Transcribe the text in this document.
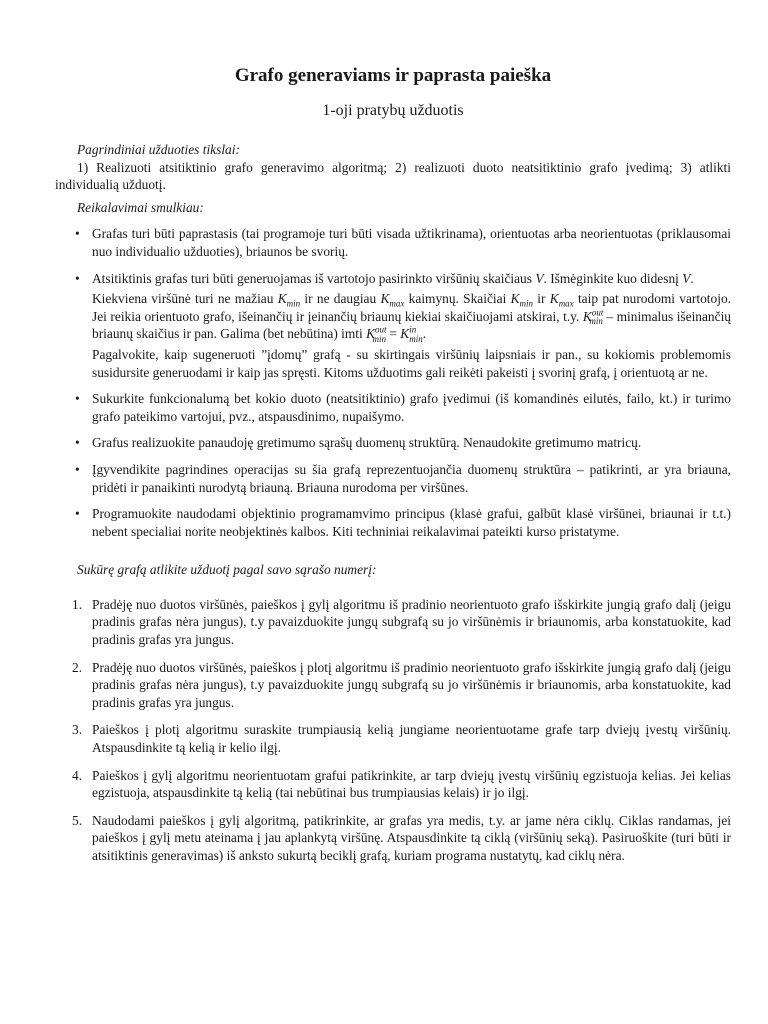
Grafo generaviams ir paprasta paieška
1-oji pratybų užduotis

Pagrindiniai užduoties tikslai:

1) Realizuoti atsitiktinio grafo generavimo algoritmą; 2) realizuoti duoto neatsitiktinio grafo įvedimą; 3) atlikti individualią užduotį.

Reikalavimai smulkiau:

• Grafas turi būti paprastasis (tai programoje turi būti visada užtikrinama), orientuotas arba neorientuotas (priklausomai nuo individualio užduoties), briaunos be svorių.

• Atsitiktinis grafas turi būti generuojamas iš vartotojo pasirinkto viršūnių skaičiaus V. Išmėginkite kuo didesnį V.

Kiekviena viršūnė turi ne mažiau $K_{min}$ ir ne daugiau $K_{max}$ kaimynų. Skaičiai $K_{min}$ ir $K_{max}$ taip pat nurodomi vartotojo. Jei reikia orientuoto grafo, išeinančių ir įeinančių briaunų kiekiai skaičiuojami atskirai, t.y. $K^{out}_{min}$ – minimalus išeinančių briaunų skaičius ir pan. Galima (bet nebūtina) imti $K^{out}_{min} = K^{in}_{min}$.

Pagalvokite, kaip sugeneruoti ”įdomų” grafą - su skirtingais viršūnių laipsniais ir pan., su kokiomis problemomis susidursite generuodami ir kaip jas spręsti. Kitoms užduotims gali reikėti pakeisti į svorinį grafą, į orientuotą ar ne.

• Sukurkite funkcionalumą bet kokio duoto (neatsitiktinio) grafo įvedimui (iš komandinės eilutės, failo, kt.) ir turimo grafo pateikimo vartojui, pvz., atspausdinimo, nupaišymo.

• Grafus realizuokite panaudoję gretimumo sąrašų duomenų struktūrą. Nenaudokite gretimumo matricų.

• Įgyvendikite pagrindines operacijas su šia grafą reprezentuojančia duomenų struktūra – patikrinti, ar yra briauna, pridėti ir panaikinti nurodytą briauną. Briauna nurodoma per viršūnes.

• Programuokite naudodami objektinio programamvimo principus (klasė grafui, galbūt klasė viršūnei, briaunai ir t.t.) nebent specialiai norite neobjektinės kalbos. Kiti techniniai reikalavimai pateikti kurso pristatyme.

Sukūrę grafą atlikite užduotį pagal savo sąrašo numerį:

1. Pradėję nuo duotos viršūnės, paieškos į gylį algoritmu iš pradinio neorientuoto grafo išskirkite jungią grafo dalį (jeigu pradinis grafas nėra jungus), t.y pavaizduokite jungų subgrafą su jo viršūnėmis ir briaunomis, arba konstatuokite, kad pradinis grafas yra jungus.
2. Pradėję nuo duotos viršūnės, paieškos į plotį algoritmu iš pradinio neorientuoto grafo išskirkite jungią grafo dalį (jeigu pradinis grafas nėra jungus), t.y pavaizduokite jungų subgrafą su jo viršūnėmis ir briaunomis, arba konstatuokite, kad pradinis grafas yra jungus.
3. Paieškos į plotį algoritmu suraskite trumpiausią kelią jungiame neorientuotame grafe tarp dviejų įvestų viršūnių. Atspausdinkite tą kelią ir kelio ilgį.
4. Paieškos į gylį algoritmu neorientuotam grafui patikrinkite, ar tarp dviejų įvestų viršūnių egzistuoja kelias. Jei kelias egzistuoja, atspausdinkite tą kelią (tai nebūtinai bus trumpiausias kelais) ir jo ilgį.
5. Naudodami paieškos į gylį algoritmą, patikrinkite, ar grafas yra medis, t.y. ar jame nėra ciklų. Ciklas randamas, jei paieškos į gylį metu ateinama į jau aplankytą viršūnę. Atspausdinkite tą ciklą (viršūnių seką). Pasiruoškite (turi būti ir atsitiktinis generavimas) iš anksto sukurtą beciklį grafą, kuriam programa nustatytų, kad ciklų nėra.
